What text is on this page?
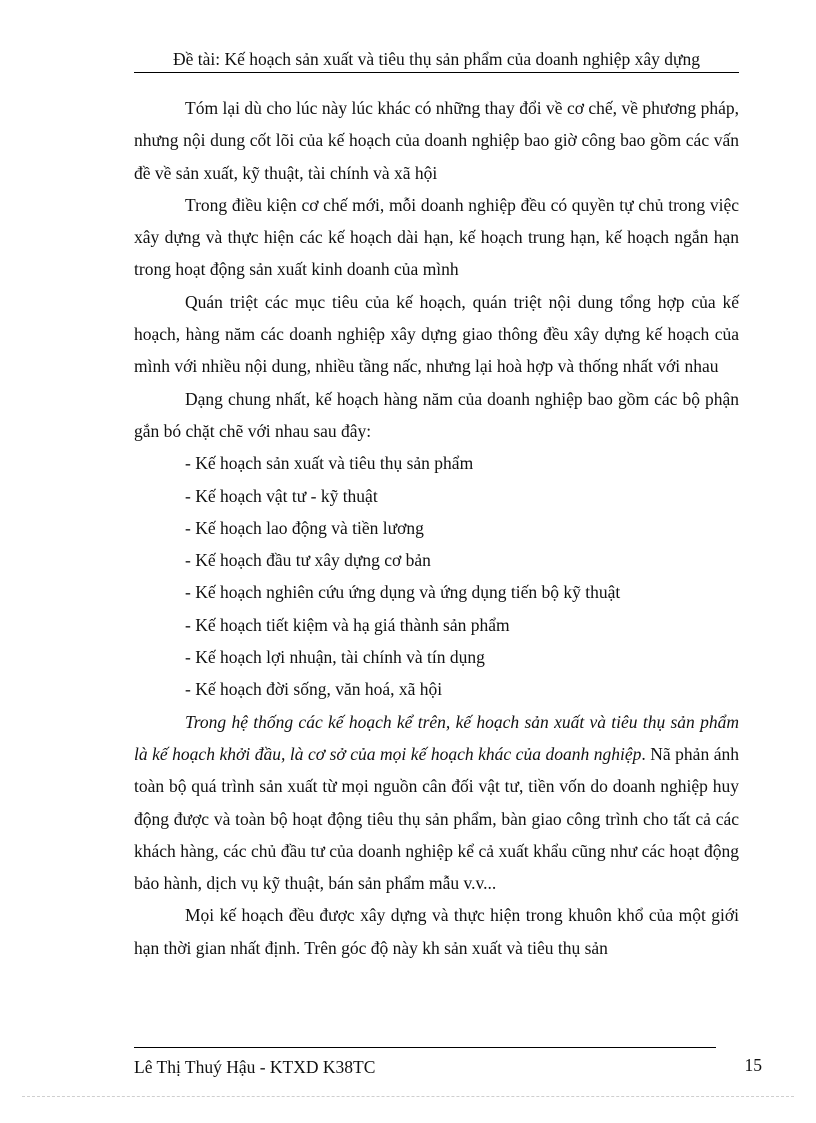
Đề tài: Kế hoạch sản xuất và tiêu thụ sản phẩm của doanh nghiệp xây dựng

Tóm lại dù cho lúc này lúc khác có những thay đổi về cơ chế, về phương pháp, nhưng nội dung cốt lõi của kế hoạch của doanh nghiệp bao giờ công bao gồm các vấn đề về sản xuất, kỹ thuật, tài chính và xã hội

Trong điều kiện cơ chế mới, mỗi doanh nghiệp đều có quyền tự chủ trong việc xây dựng và thực hiện các kế hoạch dài hạn, kế hoạch trung hạn, kế hoạch ngắn hạn trong hoạt động sản xuất kinh doanh của mình

Quán triệt các mục tiêu của kế hoạch, quán triệt nội dung tổng hợp của kế hoạch, hàng năm các doanh nghiệp xây dựng giao thông đều xây dựng kế hoạch của mình với nhiều nội dung, nhiều tầng nấc, nhưng lại hoà hợp và thống nhất với nhau

Dạng chung nhất, kế hoạch hàng năm của doanh nghiệp bao gồm các bộ phận gắn bó chặt chẽ với nhau sau đây:

- Kế hoạch sản xuất và tiêu thụ sản phẩm
- Kế hoạch vật tư - kỹ thuật
- Kế hoạch lao động và tiền lương
- Kế hoạch đầu tư xây dựng cơ bản
- Kế hoạch nghiên cứu ứng dụng và ứng dụng tiến bộ kỹ thuật
- Kế hoạch tiết kiệm và hạ giá thành sản phẩm
- Kế hoạch lợi nhuận, tài chính và tín dụng
- Kế hoạch đời sống, văn hoá, xã hội

Trong hệ thống các kế hoạch kể trên, kế hoạch sản xuất và tiêu thụ sản phẩm là kế hoạch khởi đầu, là cơ sở của mọi kế hoạch khác của doanh nghiệp. Nã phản ánh toàn bộ quá trình sản xuất từ mọi nguồn cân đối vật tư, tiền vốn do doanh nghiệp huy động được và toàn bộ hoạt động tiêu thụ sản phẩm, bàn giao công trình cho tất cả các khách hàng, các chủ đầu tư của doanh nghiệp kể cả xuất khẩu cũng như các hoạt động bảo hành, dịch vụ kỹ thuật, bán sản phẩm mẫu v.v...

Mọi kế hoạch đều được xây dựng và thực hiện trong khuôn khổ của một giới hạn thời gian nhất định. Trên góc độ này kh sản xuất và tiêu thụ sản

Lê Thị Thuý Hậu - KTXD K38TC	15
